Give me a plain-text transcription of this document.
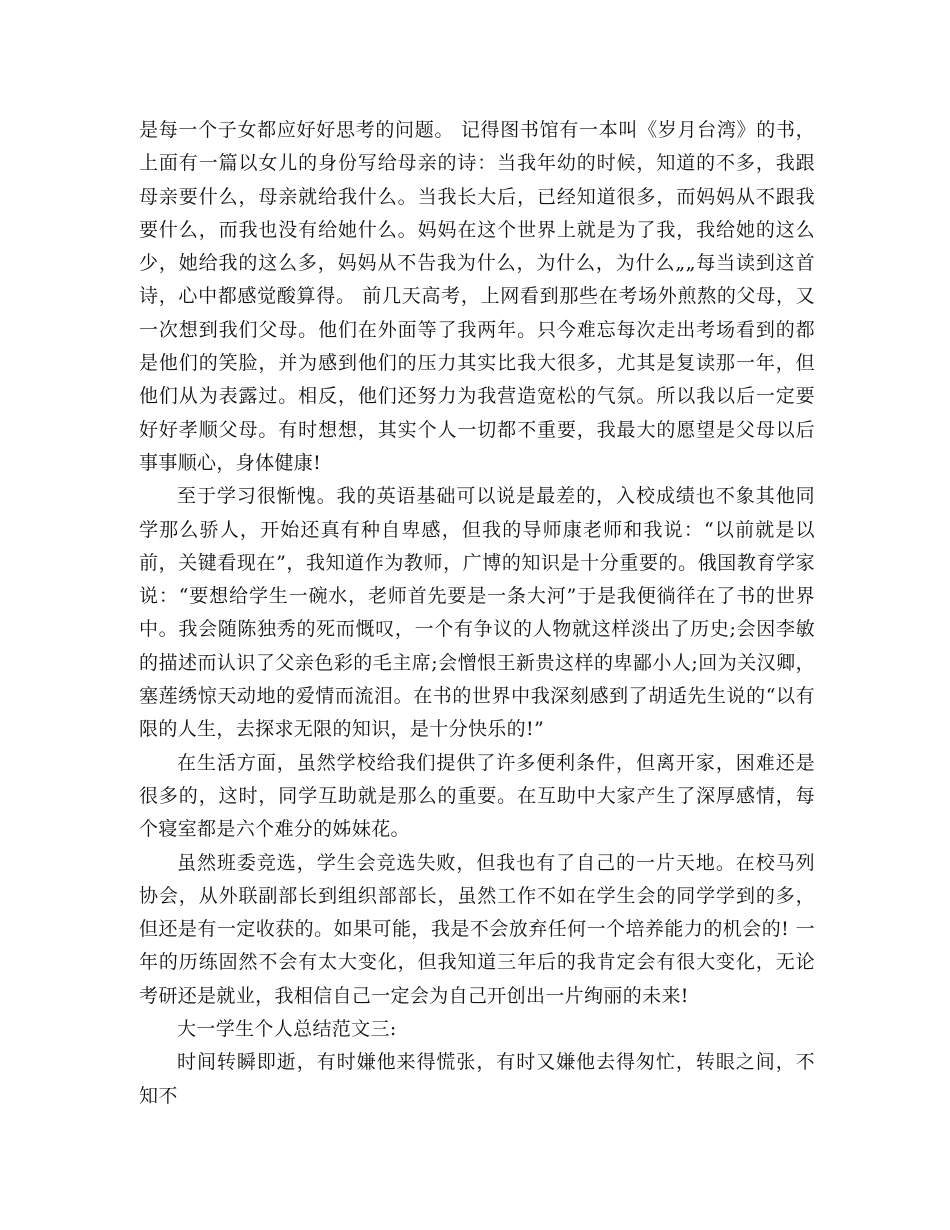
是每一个子女都应好好思考的问题。 记得图书馆有一本叫《岁月台湾》的书，上面有一篇以女儿的身份写给母亲的诗：当我年幼的时候，知道的不多，我跟母亲要什么，母亲就给我什么。当我长大后，已经知道很多，而妈妈从不跟我要什么，而我也没有给她什么。妈妈在这个世界上就是为了我，我给她的这么少，她给我的这么多，妈妈从不告我为什么，为什么，为什么„„每当读到这首诗，心中都感觉酸算得。 前几天高考，上网看到那些在考场外煎熬的父母，又一次想到我们父母。他们在外面等了我两年。只今难忘每次走出考场看到的都是他们的笑脸，并为感到他们的压力其实比我大很多，尤其是复读那一年，但他们从为表露过。相反，他们还努力为我营造宽松的气氛。所以我以后一定要好好孝顺父母。有时想想，其实个人一切都不重要，我最大的愿望是父母以后事事顺心，身体健康!

至于学习很惭愧。我的英语基础可以说是最差的，入校成绩也不象其他同学那么骄人，开始还真有种自卑感，但我的导师康老师和我说：“以前就是以前，关键看现在”，我知道作为教师，广博的知识是十分重要的。俄国教育学家说：“要想给学生一碗水，老师首先要是一条大河”于是我便徜徉在了书的世界中。我会随陈独秀的死而慨叹，一个有争议的人物就这样淡出了历史;会因李敏的描述而认识了父亲色彩的毛主席;会憎恨王新贵这样的卑鄙小人;回为关汉卿，塞莲绣惊天动地的爱情而流泪。在书的世界中我深刻感到了胡适先生说的“以有限的人生，去探求无限的知识，是十分快乐的!”

在生活方面，虽然学校给我们提供了许多便利条件，但离开家，困难还是很多的，这时，同学互助就是那么的重要。在互助中大家产生了深厚感情，每个寝室都是六个难分的姊妹花。

虽然班委竞选，学生会竞选失败，但我也有了自己的一片天地。在校马列协会，从外联副部长到组织部部长，虽然工作不如在学生会的同学学到的多，但还是有一定收获的。如果可能，我是不会放弃任何一个培养能力的机会的! 一年的历练固然不会有太大变化，但我知道三年后的我肯定会有很大变化，无论考研还是就业，我相信自己一定会为自己开创出一片绚丽的未来!

大一学生个人总结范文三:

时间转瞬即逝，有时嫌他来得慌张，有时又嫌他去得匆忙，转眼之间，不知不
